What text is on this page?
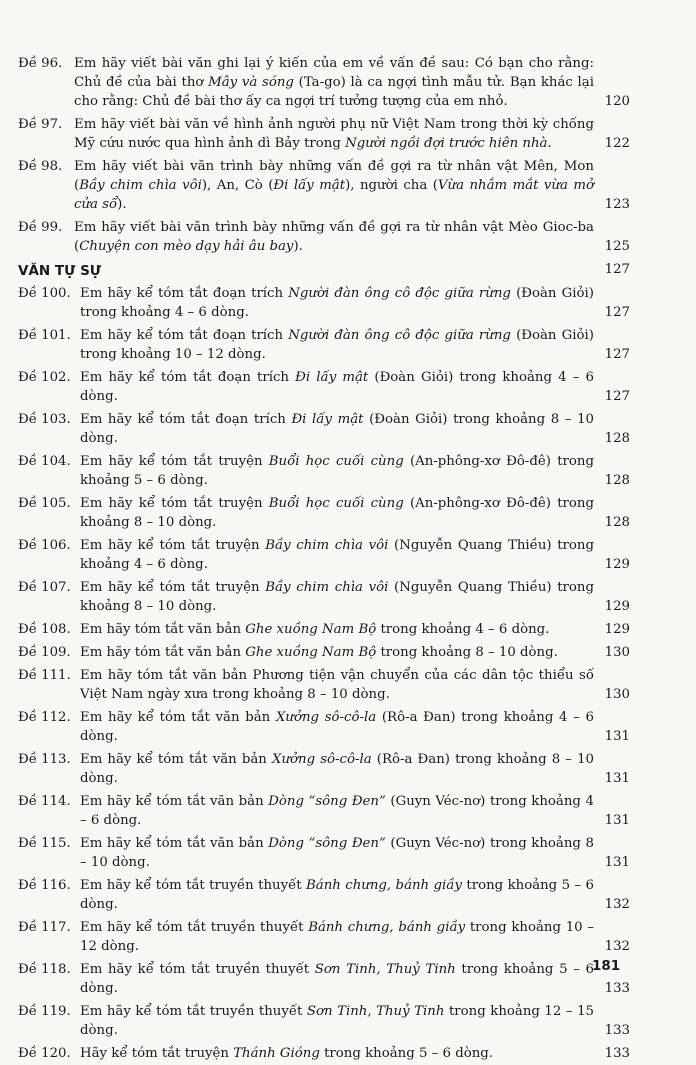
Đề 96. Em hãy viết bài văn ghi lại ý kiến của em về vấn đề sau: Có bạn cho rằng: Chủ đề của bài thơ Mây và sóng (Ta-go) là ca ngợi tình mẫu tử. Bạn khác lại cho rằng: Chủ đề bài thơ ấy ca ngợi trí tưởng tượng của em nhỏ.	120
Đề 97. Em hãy viết bài văn về hình ảnh người phụ nữ Việt Nam trong thời kỳ chống Mỹ cứu nước qua hình ảnh dì Bảy trong Người ngồi đợi trước hiên nhà.	122
Đề 98. Em hãy viết bài văn trình bày những vấn đề gợi ra từ nhân vật Mên, Mon (Bầy chim chìa vôi), An, Cò (Đi lấy mật), người cha (Vừa nhắm mắt vừa mở cửa sổ).	123
Đề 99. Em hãy viết bài văn trình bày những vấn đề gợi ra từ nhân vật Mèo Gioc-ba (Chuyện con mèo dạy hải âu bay).	125
VĂN TỰ SỰ	127
Đề 100. Em hãy kể tóm tắt đoạn trích Người đàn ông cô độc giữa rừng (Đoàn Giỏi) trong khoảng 4 – 6 dòng.	127
Đề 101. Em hãy kể tóm tắt đoạn trích Người đàn ông cô độc giữa rừng (Đoàn Giỏi) trong khoảng 10 – 12 dòng.	127
Đề 102. Em hãy kể tóm tắt đoạn trích Đi lấy mật (Đoàn Giỏi) trong khoảng 4 – 6 dòng.	127
Đề 103. Em hãy kể tóm tắt đoạn trích Đi lấy mật (Đoàn Giỏi) trong khoảng 8 – 10 dòng.	128
Đề 104. Em hãy kể tóm tắt truyện Buổi học cuối cùng (An-phông-xơ Đô-đê) trong khoảng 5 – 6 dòng.	128
Đề 105. Em hãy kể tóm tắt truyện Buổi học cuối cùng (An-phông-xơ Đô-đê) trong khoảng 8 – 10 dòng.	128
Đề 106. Em hãy kể tóm tắt truyện Bầy chim chìa vôi (Nguyễn Quang Thiều) trong khoảng 4 – 6 dòng.	129
Đề 107. Em hãy kể tóm tắt truyện Bầy chim chìa vôi (Nguyễn Quang Thiều) trong khoảng 8 – 10 dòng.	129
Đề 108. Em hãy tóm tắt văn bản Ghe xuồng Nam Bộ trong khoảng 4 – 6 dòng.	129
Đề 109. Em hãy tóm tắt văn bản Ghe xuồng Nam Bộ trong khoảng 8 – 10 dòng.	130
Đề 111. Em hãy tóm tắt văn bản Phương tiện vận chuyển của các dân tộc thiểu số Việt Nam ngày xưa trong khoảng 8 – 10 dòng.	130
Đề 112. Em hãy kể tóm tắt văn bản Xưởng sô-cô-la (Rô-a Đan) trong khoảng 4 – 6 dòng.	131
Đề 113. Em hãy kể tóm tắt văn bản Xưởng sô-cô-la (Rô-a Đan) trong khoảng 8 – 10 dòng.	131
Đề 114. Em hãy kể tóm tắt văn bản Dòng “sông Đen” (Guyn Véc-nơ) trong khoảng 4 – 6 dòng.	131
Đề 115. Em hãy kể tóm tắt văn bản Dòng “sông Đen” (Guyn Véc-nơ) trong khoảng 8 – 10 dòng.	131
Đề 116. Em hãy kể tóm tắt truyền thuyết Bánh chưng, bánh giầy trong khoảng 5 – 6 dòng.	132
Đề 117. Em hãy kể tóm tắt truyền thuyết Bánh chưng, bánh giầy trong khoảng 10 – 12 dòng.	132
Đề 118. Em hãy kể tóm tắt truyền thuyết Sơn Tinh, Thuỷ Tinh trong khoảng 5 – 6 dòng.	133
Đề 119. Em hãy kể tóm tắt truyền thuyết Sơn Tinh, Thuỷ Tinh trong khoảng 12 – 15 dòng.	133
Đề 120. Hãy kể tóm tắt truyện Thánh Gióng trong khoảng 5 – 6 dòng.	133
181
